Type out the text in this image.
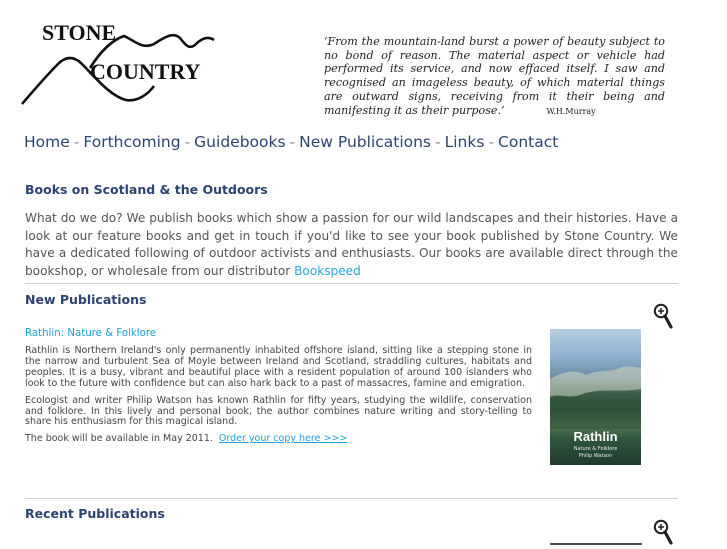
STONE
COUNTRY
‘From the mountain-land burst a power of beauty subject to no bond of reason. The material aspect or vehicle had performed its service, and now effaced itself. I saw and recognised an imageless beauty, of which material things are outward signs, receiving from it their being and manifesting it as their purpose.’	W.H.Murray
Home - Forthcoming - Guidebooks - New Publications - Links - Contact
Books on Scotland & the Outdoors
What do we do? We publish books which show a passion for our wild landscapes and their histories. Have a look at our feature books and get in touch if you'd like to see your book published by Stone Country. We have a dedicated following of outdoor activists and enthusiasts. Our books are available direct through the bookshop, or wholesale from our distributor Bookspeed
New Publications
Rathlin: Nature & Folklore

Rathlin is Northern Ireland's only permanently inhabited offshore island, sitting like a stepping stone in the narrow and turbulent Sea of Moyle between Ireland and Scotland, straddling cultures, habitats and peoples. It is a busy, vibrant and beautiful place with a resident population of around 100 islanders who look to the future with confidence but can also hark back to a past of massacres, famine and emigration.

Ecologist and writer Philip Watson has known Rathlin for fifty years, studying the wildlife, conservation and folklore. In this lively and personal book, the author combines nature writing and story-telling to share his enthusiasm for this magical island.

The book will be available in May 2011. Order your copy here >>>	Rathlin
Nature & Folklore
Philip Watson
Recent Publications
